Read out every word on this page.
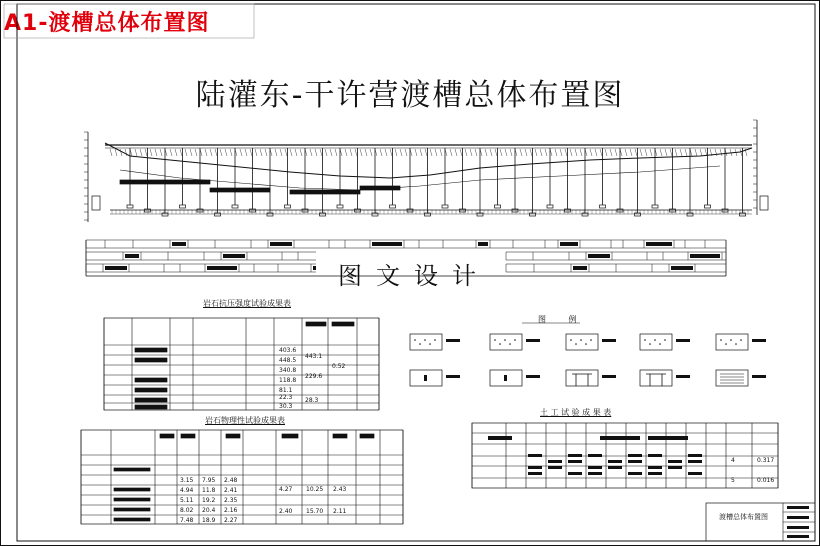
A1-渡槽总体布置图
陆灌东-干许营渡槽总体布置图
图文设计
岩石抗压强度试验成果表
岩石物理性试验成果表
土 工 试 验 成 果 表
图 例
渡槽总体布置图
403.6
448.5
340.8
118.8
81.1
22.3
30.3
443.1
229.6
0.52
28.3
3.15 7.95 2.48
4.94 11.8 2.41
5.11 19.2 2.35
8.02 20.4 2.16
7.48 18.9 2.27
4.27 10.25 2.43
2.40 15.70 2.11
0.317
0.016
4
5
